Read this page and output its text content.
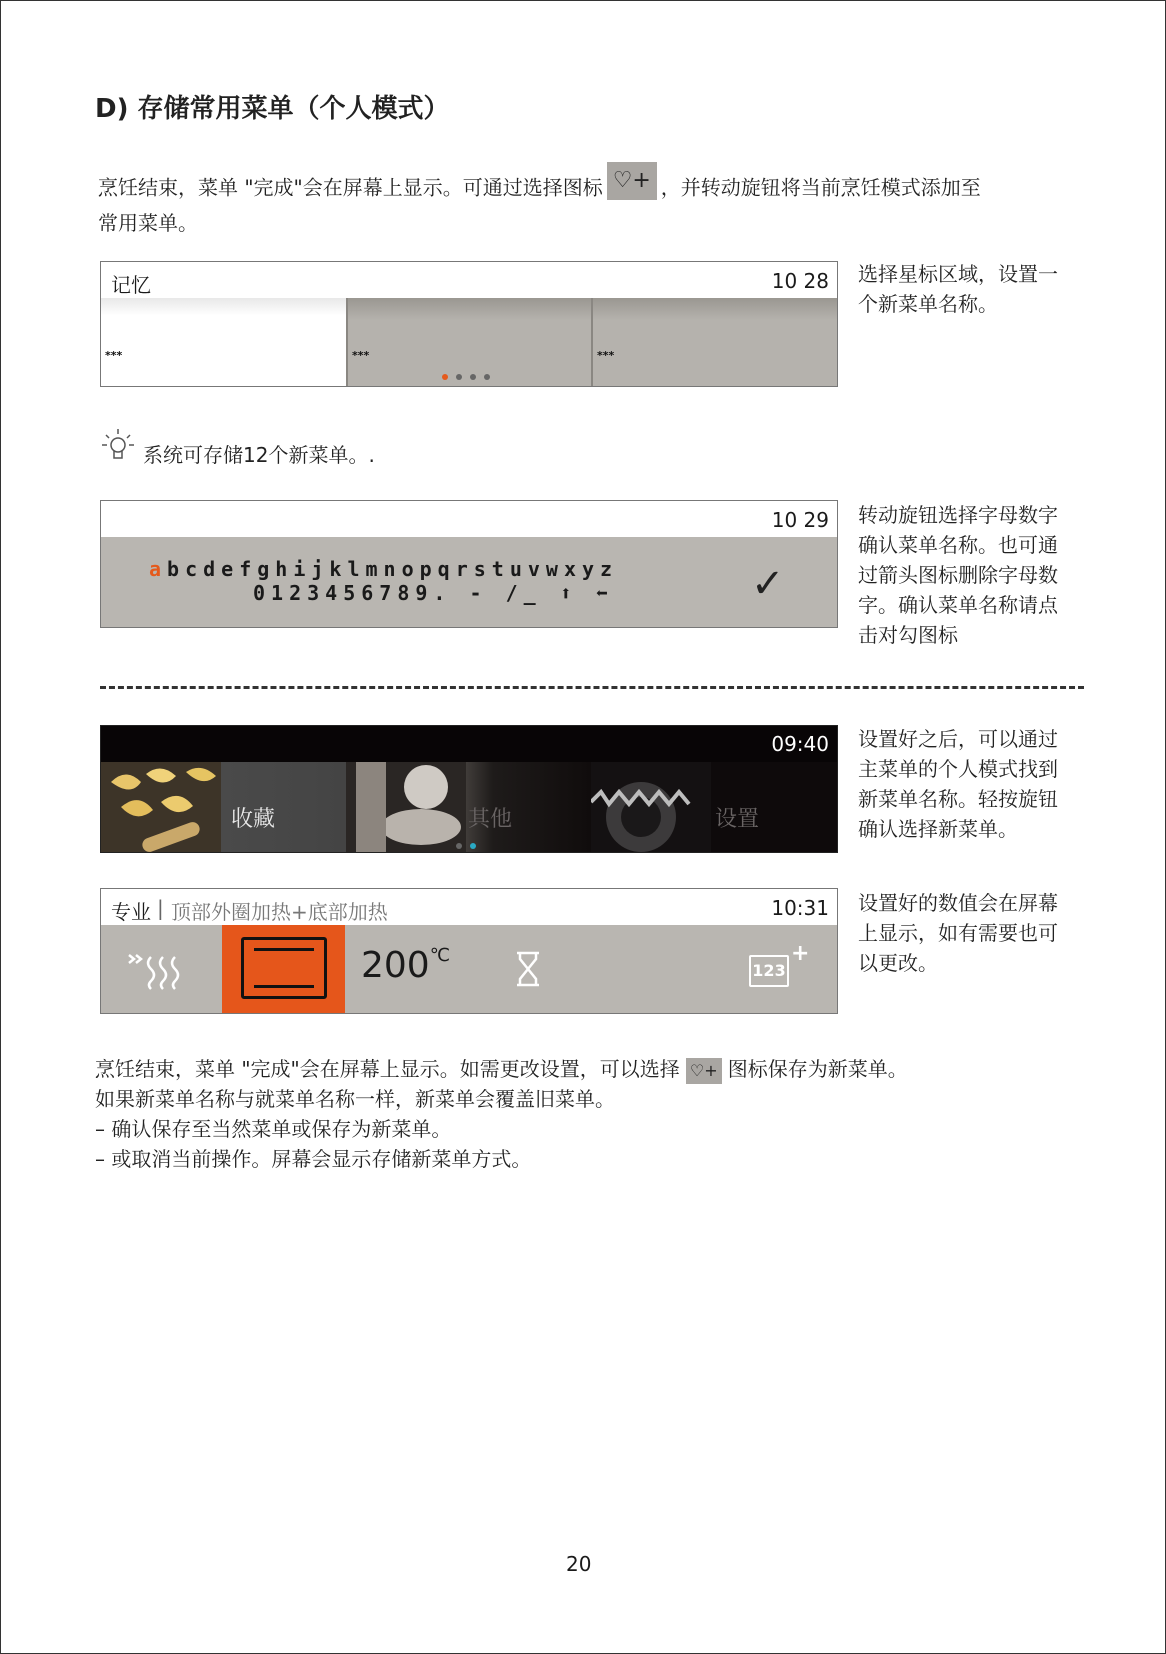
D) 存储常用菜单（个人模式）
烹饪结束，菜单 "完成"会在屏幕上显示。可通过选择图标 ♡+ ，并转动旋钮将当前烹饪模式添加至
常用菜单。
记忆	10 28
***	***	***
选择星标区域，设置一
个新菜单名称。
系统可存储12个新菜单。.
10 29
abcdefghijklmnopqrstuvwxyz
0123456789. - /_ ⬆ ⬅	✓
转动旋钮选择字母数字
确认菜单名称。也可通
过箭头图标删除字母数
字。确认菜单名称请点
击对勾图标
09:40
收藏	其他	设置
设置好之后，可以通过
主菜单的个人模式找到
新菜单名称。轻按旋钮
确认选择新菜单。
专业 | 顶部外圈加热+底部加热	10:31
200℃
123
+
设置好的数值会在屏幕
上显示，如有需要也可
以更改。
烹饪结束，菜单 "完成"会在屏幕上显示。如需更改设置，可以选择 ♡+ 图标保存为新菜单。
如果新菜单名称与就菜单名称一样，新菜单会覆盖旧菜单。
– 确认保存至当然菜单或保存为新菜单。
– 或取消当前操作。屏幕会显示存储新菜单方式。
20
